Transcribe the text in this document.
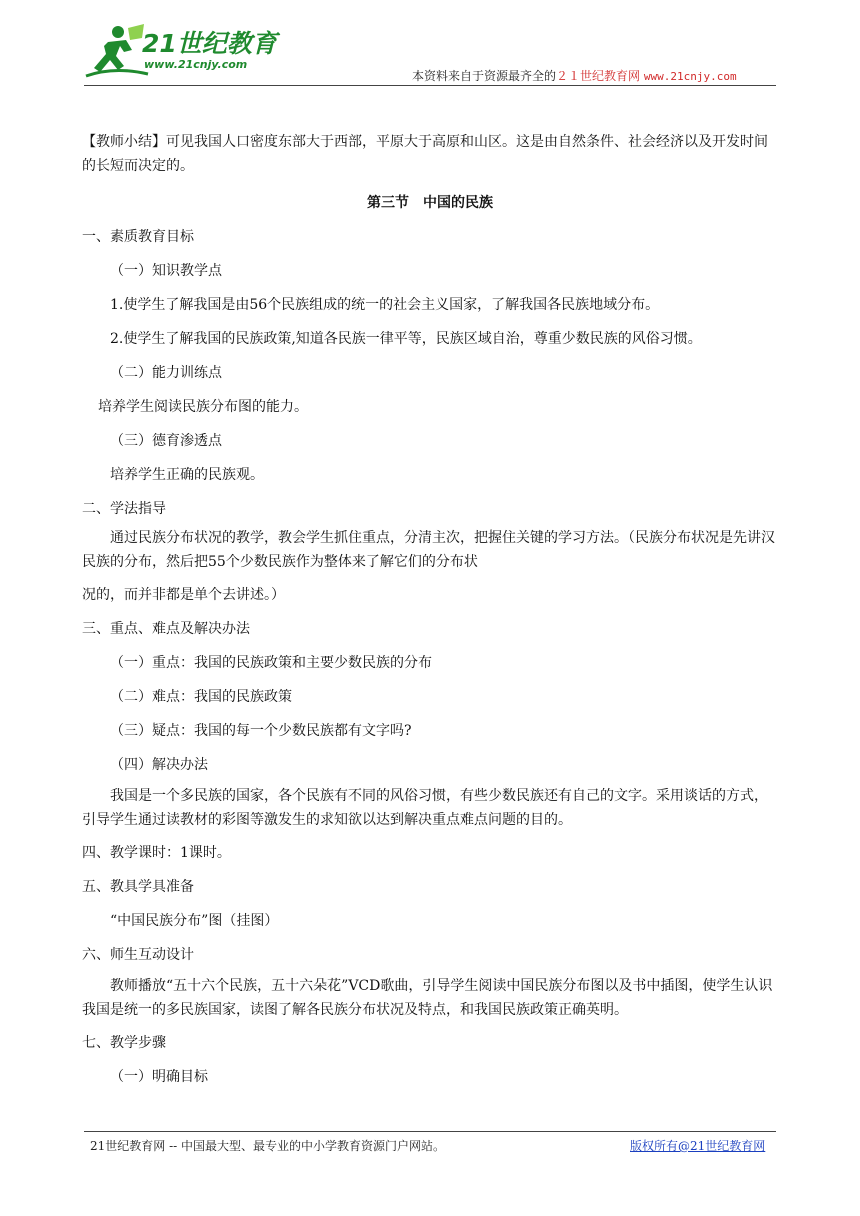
21世纪教育
www.21cnjy.com
本资料来自于资源最齐全的２１世纪教育网 www.21cnjy.com

【教师小结】可见我国人口密度东部大于西部，平原大于高原和山区。这是由自然条件、社会经济以及开发时间的长短而决定的。

第三节　中国的民族

一、素质教育目标

（一）知识教学点

1.使学生了解我国是由56个民族组成的统一的社会主义国家，了解我国各民族地域分布。

2.使学生了解我国的民族政策,知道各民族一律平等，民族区域自治，尊重少数民族的风俗习惯。

（二）能力训练点

培养学生阅读民族分布图的能力。

（三）德育渗透点

培养学生正确的民族观。

二、学法指导

通过民族分布状况的教学，教会学生抓住重点，分清主次，把握住关键的学习方法。（民族分布状况是先讲汉民族的分布，然后把55个少数民族作为整体来了解它们的分布状

况的，而并非都是单个去讲述。）

三、重点、难点及解决办法

（一）重点：我国的民族政策和主要少数民族的分布

（二）难点：我国的民族政策

（三）疑点：我国的每一个少数民族都有文字吗?

（四）解决办法

我国是一个多民族的国家，各个民族有不同的风俗习惯，有些少数民族还有自己的文字。采用谈话的方式，引导学生通过读教材的彩图等激发生的求知欲以达到解决重点难点问题的目的。

四、教学课时：1课时。

五、教具学具准备

“中国民族分布”图（挂图）

六、师生互动设计

教师播放“五十六个民族，五十六朵花”VCD歌曲，引导学生阅读中国民族分布图以及书中插图，使学生认识我国是统一的多民族国家，读图了解各民族分布状况及特点，和我国民族政策正确英明。

七、教学步骤

（一）明确目标

21世纪教育网 -- 中国最大型、最专业的中小学教育资源门户网站。	版权所有@21世纪教育网
